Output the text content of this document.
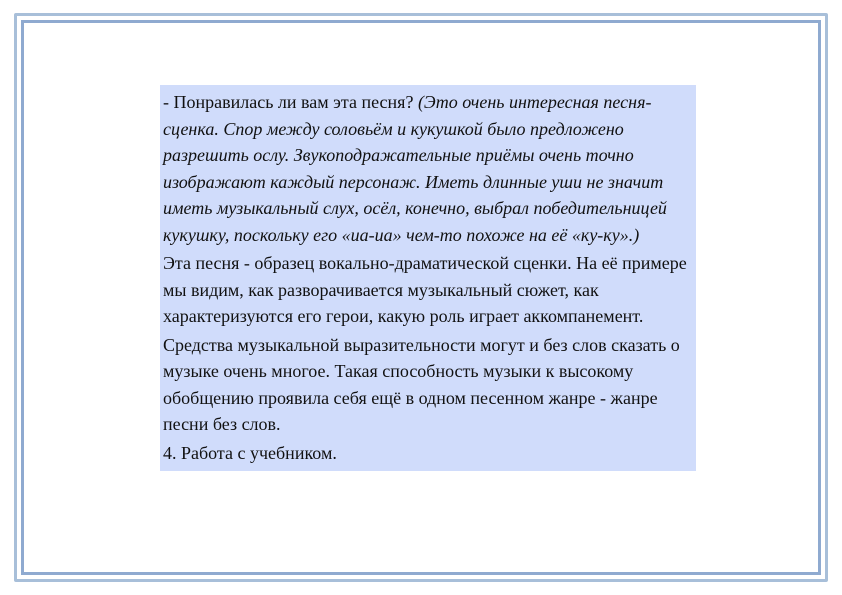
- Понравилась ли вам эта песня? (Это очень интересная песня-сценка. Спор между соловьём и кукушкой было предложено разрешить ослу. Звукоподражательные приёмы очень точно изображают каждый персонаж. Иметь длинные уши не значит иметь музыкальный слух, осёл, конечно, выбрал победительницей кукушку, поскольку его «иа-иа» чем-то похоже на её «ку-ку».)

Эта песня - образец вокально-драматической сценки. На её примере мы видим, как разворачивается музыкальный сюжет, как характеризуются его герои, какую роль играет аккомпанемент.

Средства музыкальной выразительности могут и без слов сказать о музыке очень многое. Такая способность музыки к высокому обобщению проявила себя ещё в одном песенном жанре - жанре песни без слов.

4. Работа с учебником.
